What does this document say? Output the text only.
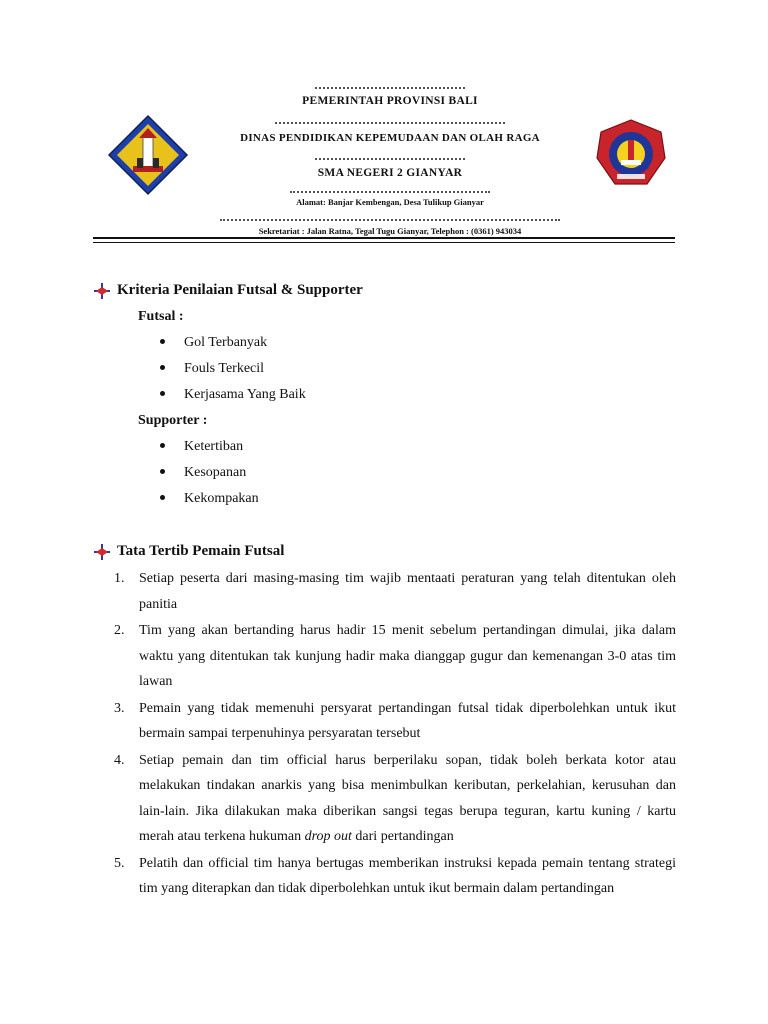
PEMERINTAH PROVINSI BALI
DINAS PENDIDIKAN KEPEMUDAAN DAN OLAH RAGA
SMA NEGERI 2 GIANYAR
Alamat: Banjar Kembengan, Desa Tulikup Gianyar
Sekretariat : Jalan Ratna, Tegal Tugu Gianyar, Telephon : (0361) 943034
Kriteria Penilaian Futsal & Supporter
Futsal :
Gol Terbanyak
Fouls Terkecil
Kerjasama Yang Baik
Supporter :
Ketertiban
Kesopanan
Kekompakan
Tata Tertib Pemain Futsal
1. Setiap peserta dari masing-masing tim wajib mentaati peraturan yang telah ditentukan oleh panitia
2. Tim yang akan bertanding harus hadir 15 menit sebelum pertandingan dimulai, jika dalam waktu yang ditentukan tak kunjung hadir maka dianggap gugur dan kemenangan 3-0 atas tim lawan
3. Pemain yang tidak memenuhi persyarat pertandingan futsal tidak diperbolehkan untuk ikut bermain sampai terpenuhinya persyaratan tersebut
4. Setiap pemain dan tim official harus berperilaku sopan, tidak boleh berkata kotor atau melakukan tindakan anarkis yang bisa menimbulkan keributan, perkelahian, kerusuhan dan lain-lain. Jika dilakukan maka diberikan sangsi tegas berupa teguran, kartu kuning / kartu merah atau terkena hukuman drop out dari pertandingan
5. Pelatih dan official tim hanya bertugas memberikan instruksi kepada pemain tentang strategi tim yang diterapkan dan tidak diperbolehkan untuk ikut bermain dalam pertandingan
